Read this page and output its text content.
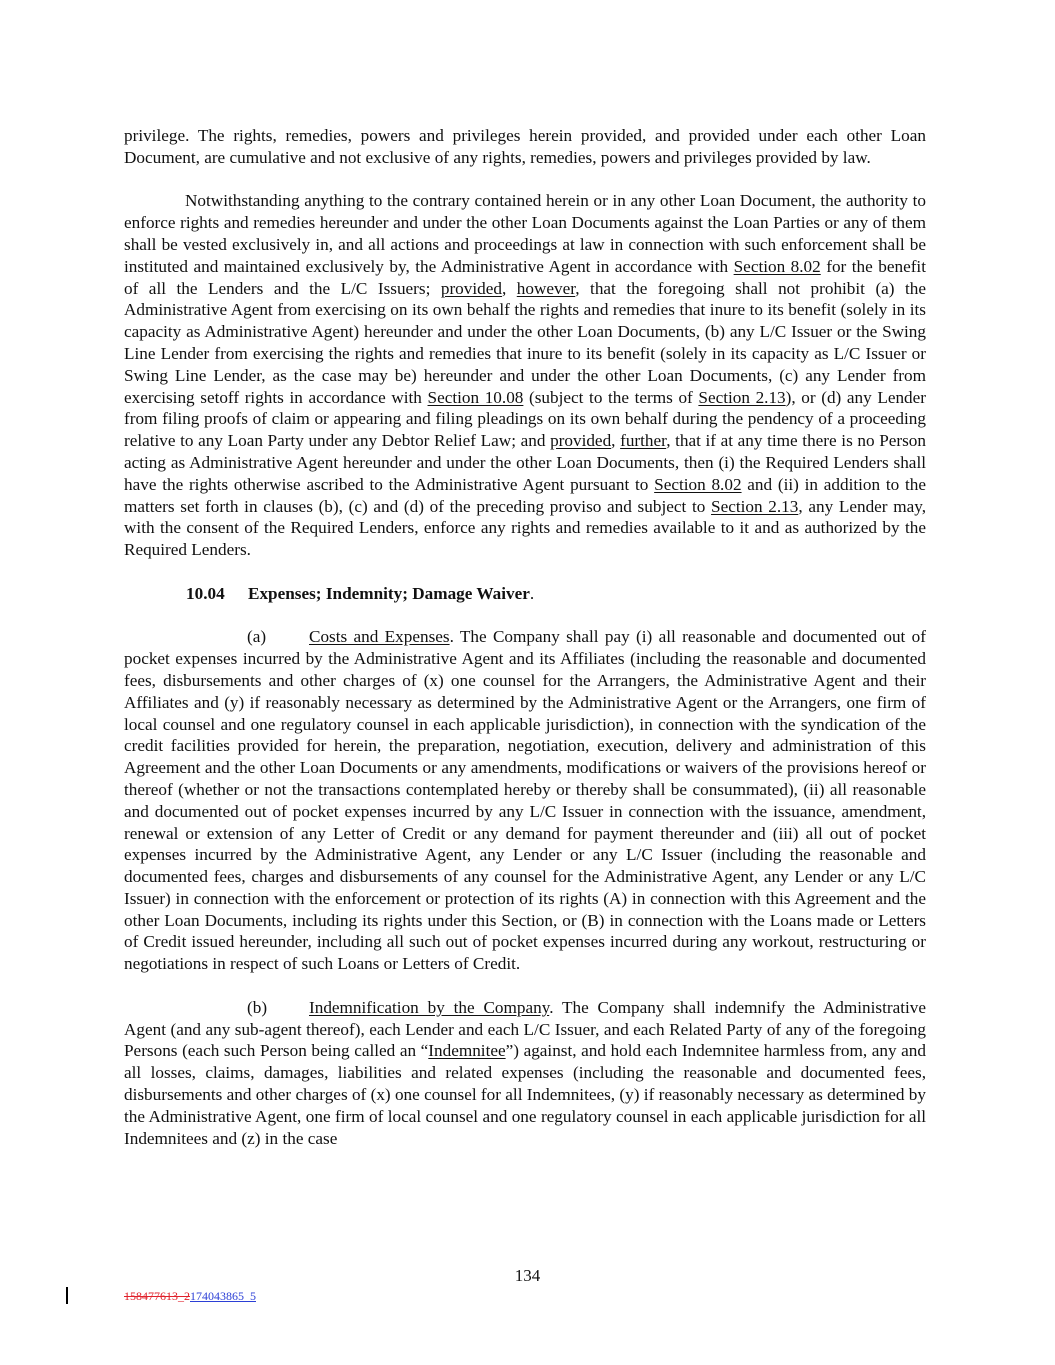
privilege. The rights, remedies, powers and privileges herein provided, and provided under each other Loan Document, are cumulative and not exclusive of any rights, remedies, powers and privileges provided by law.

Notwithstanding anything to the contrary contained herein or in any other Loan Document, the authority to enforce rights and remedies hereunder and under the other Loan Documents against the Loan Parties or any of them shall be vested exclusively in, and all actions and proceedings at law in connection with such enforcement shall be instituted and maintained exclusively by, the Administrative Agent in accordance with Section 8.02 for the benefit of all the Lenders and the L/C Issuers; provided, however, that the foregoing shall not prohibit (a) the Administrative Agent from exercising on its own behalf the rights and remedies that inure to its benefit (solely in its capacity as Administrative Agent) hereunder and under the other Loan Documents, (b) any L/C Issuer or the Swing Line Lender from exercising the rights and remedies that inure to its benefit (solely in its capacity as L/C Issuer or Swing Line Lender, as the case may be) hereunder and under the other Loan Documents, (c) any Lender from exercising setoff rights in accordance with Section 10.08 (subject to the terms of Section 2.13), or (d) any Lender from filing proofs of claim or appearing and filing pleadings on its own behalf during the pendency of a proceeding relative to any Loan Party under any Debtor Relief Law; and provided, further, that if at any time there is no Person acting as Administrative Agent hereunder and under the other Loan Documents, then (i) the Required Lenders shall have the rights otherwise ascribed to the Administrative Agent pursuant to Section 8.02 and (ii) in addition to the matters set forth in clauses (b), (c) and (d) of the preceding proviso and subject to Section 2.13, any Lender may, with the consent of the Required Lenders, enforce any rights and remedies available to it and as authorized by the Required Lenders.

10.04 Expenses; Indemnity; Damage Waiver.

(a) Costs and Expenses. The Company shall pay (i) all reasonable and documented out of pocket expenses incurred by the Administrative Agent and its Affiliates (including the reasonable and documented fees, disbursements and other charges of (x) one counsel for the Arrangers, the Administrative Agent and their Affiliates and (y) if reasonably necessary as determined by the Administrative Agent or the Arrangers, one firm of local counsel and one regulatory counsel in each applicable jurisdiction), in connection with the syndication of the credit facilities provided for herein, the preparation, negotiation, execution, delivery and administration of this Agreement and the other Loan Documents or any amendments, modifications or waivers of the provisions hereof or thereof (whether or not the transactions contemplated hereby or thereby shall be consummated), (ii) all reasonable and documented out of pocket expenses incurred by any L/C Issuer in connection with the issuance, amendment, renewal or extension of any Letter of Credit or any demand for payment thereunder and (iii) all out of pocket expenses incurred by the Administrative Agent, any Lender or any L/C Issuer (including the reasonable and documented fees, charges and disbursements of any counsel for the Administrative Agent, any Lender or any L/C Issuer) in connection with the enforcement or protection of its rights (A) in connection with this Agreement and the other Loan Documents, including its rights under this Section, or (B) in connection with the Loans made or Letters of Credit issued hereunder, including all such out of pocket expenses incurred during any workout, restructuring or negotiations in respect of such Loans or Letters of Credit.

(b) Indemnification by the Company. The Company shall indemnify the Administrative Agent (and any sub-agent thereof), each Lender and each L/C Issuer, and each Related Party of any of the foregoing Persons (each such Person being called an “Indemnitee”) against, and hold each Indemnitee harmless from, any and all losses, claims, damages, liabilities and related expenses (including the reasonable and documented fees, disbursements and other charges of (x) one counsel for all Indemnitees, (y) if reasonably necessary as determined by the Administrative Agent, one firm of local counsel and one regulatory counsel in each applicable jurisdiction for all Indemnitees and (z) in the case

134
158477613_2174043865_5
